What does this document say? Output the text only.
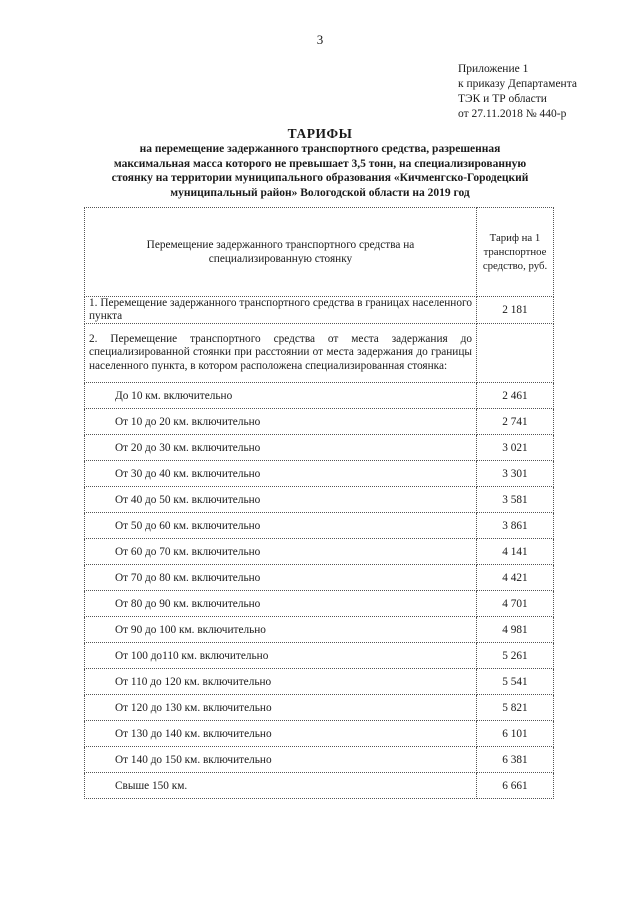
3
Приложение 1
к приказу Департамента
ТЭК и ТР области
от 27.11.2018 № 440-р
ТАРИФЫ
на перемещение задержанного транспортного средства, разрешенная максимальная масса которого не превышает 3,5 тонн, на специализированную стоянку на территории муниципального образования «Кичменгско-Городецкий муниципальный район» Вологодской области на 2019 год
Перемещение задержанного транспортного средства на специализированную стоянку	Тариф на 1 транспортное средство, руб.
1. Перемещение задержанного транспортного средства в границах населенного пункта	2 181
2. Перемещение транспортного средства от места задержания до специализированной стоянки при расстоянии от места задержания до границы населенного пункта, в котором расположена специализированная стоянка:	
До 10 км. включительно	2 461
От 10 до 20 км. включительно	2 741
От 20 до 30 км. включительно	3 021
От 30 до 40 км. включительно	3 301
От 40 до 50 км. включительно	3 581
От 50 до 60 км. включительно	3 861
От 60 до 70 км. включительно	4 141
От 70 до 80 км. включительно	4 421
От 80 до 90 км. включительно	4 701
От 90 до 100 км. включительно	4 981
От 100 до110 км. включительно	5 261
От 110 до 120 км. включительно	5 541
От 120 до 130 км. включительно	5 821
От 130 до 140 км. включительно	6 101
От 140 до 150 км. включительно	6 381
Свыше 150 км.	6 661
